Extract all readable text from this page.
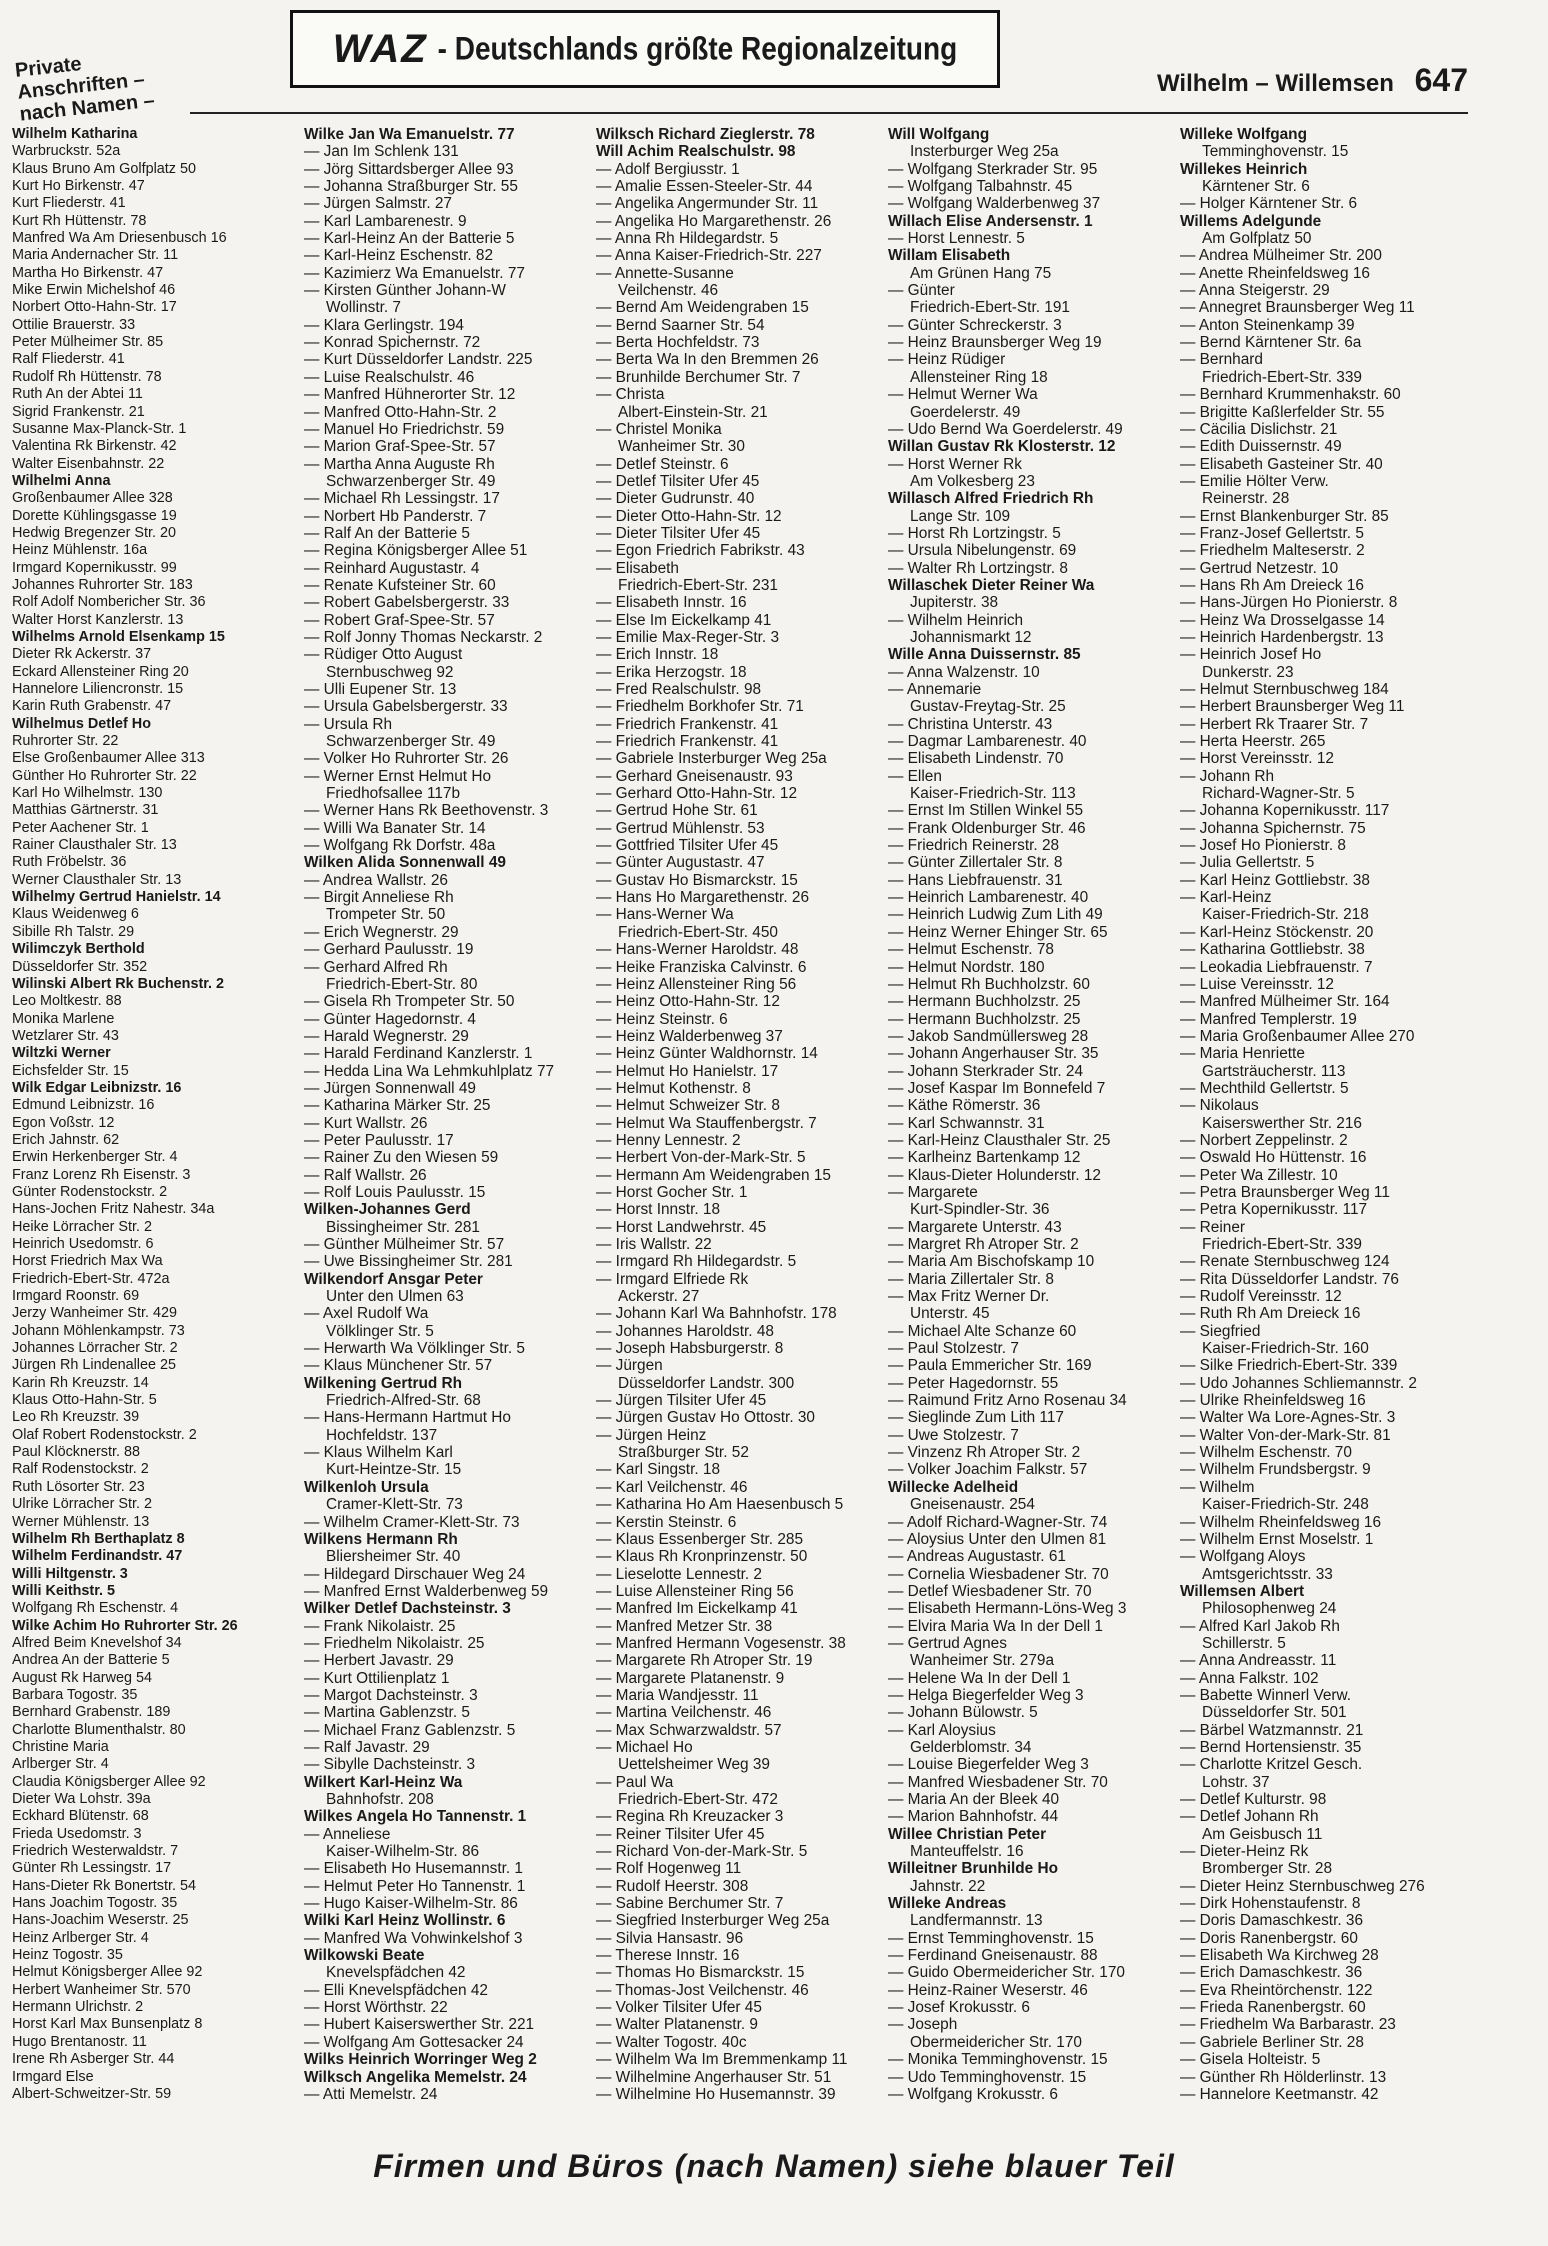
WAZ - Deutschlands größte Regionalzeitung
Private Anschriften – nach Namen –
Wilhelm – Willemsen 647
Wilhelm Katharina
Warbruckstr. 52a
Klaus Bruno Am Golfplatz 50
Kurt Ho Birkenstr. 47
Kurt Fliederstr. 41
Kurt Rh Hüttenstr. 78
Manfred Wa Am Driesenbusch 16
Maria Andernacher Str. 11
Martha Ho Birkenstr. 47
Mike Erwin Michelshof 46
Norbert Otto-Hahn-Str. 17
Ottilie Brauerstr. 33
Peter Mülheimer Str. 85
Ralf Fliederstr. 41
Rudolf Rh Hüttenstr. 78
Ruth An der Abtei 11
Sigrid Frankenstr. 21
Susanne Max-Planck-Str. 1
Valentina Rk Birkenstr. 42
Walter Eisenbahnstr. 22
Wilhelmi Anna
Großenbaumer Allee 328
Dorette Kühlingsgasse 19
Hedwig Bregenzer Str. 20
Heinz Mühlenstr. 16a
Irmgard Kopernikusstr. 99
Johannes Ruhrorter Str. 183
Rolf Adolf Nombericher Str. 36
Walter Horst Kanzlerstr. 13
Wilhelms Arnold Elsenkamp 15
Dieter Rk Ackerstr. 37
Eckard Allensteiner Ring 20
Hannelore Liliencronstr. 15
Karin Ruth Grabenstr. 47
Wilhelmus Detlef Ho
Ruhrorter Str. 22
Else Großenbaumer Allee 313
Günther Ho Ruhrorter Str. 22
Karl Ho Wilhelmstr. 130
Matthias Gärtnerstr. 31
Peter Aachener Str. 1
Rainer Clausthaler Str. 13
Ruth Fröbelstr. 36
Werner Clausthaler Str. 13
Wilhelmy Gertrud Hanielstr. 14
Klaus Weidenweg 6
Sibille Rh Talstr. 29
Wilimczyk Berthold
Düsseldorfer Str. 352
Wilinski Albert Rk Buchenstr. 2
Leo Moltkestr. 88
Monika Marlene
Wetzlarer Str. 43
Wiltzki Werner
Eichsfelder Str. 15
Wilk Edgar Leibnizstr. 16
Edmund Leibnizstr. 16
Egon Voßstr. 12
Erich Jahnstr. 62
Erwin Herkenberger Str. 4
Franz Lorenz Rh Eisenstr. 3
Günter Rodenstockstr. 2
Hans-Jochen Fritz Nahestr. 34a
Heike Lörracher Str. 2
Heinrich Usedomstr. 6
Horst Friedrich Max Wa
Friedrich-Ebert-Str. 472a
Irmgard Roonstr. 69
Jerzy Wanheimer Str. 429
Johann Möhlenkampstr. 73
Johannes Lörracher Str. 2
Jürgen Rh Lindenallee 25
Karin Rh Kreuzstr. 14
Klaus Otto-Hahn-Str. 5
Leo Rh Kreuzstr. 39
Olaf Robert Rodenstockstr. 2
Paul Klöcknerstr. 88
Ralf Rodenstockstr. 2
Ruth Lösorter Str. 23
Ulrike Lörracher Str. 2
Werner Mühlenstr. 13
Wilhelm Rh Berthaplatz 8
Wilhelm Ferdinandstr. 47
Willi Hiltgenstr. 3
Willi Keithstr. 5
Wolfgang Rh Eschenstr. 4
Wilke Achim Ho Ruhrorter Str. 26
Alfred Beim Knevelshof 34
Andrea An der Batterie 5
August Rk Harweg 54
Barbara Togostr. 35
Bernhard Grabenstr. 189
Charlotte Blumenthalstr. 80
Christine Maria
Arlberger Str. 4
Claudia Königsberger Allee 92
Dieter Wa Lohstr. 39a
Eckhard Blütenstr. 68
Frieda Usedomstr. 3
Friedrich Westerwaldstr. 7
Günter Rh Lessingstr. 17
Hans-Dieter Rk Bonertstr. 54
Hans Joachim Togostr. 35
Hans-Joachim Weserstr. 25
Heinz Arlberger Str. 4
Heinz Togostr. 35
Helmut Königsberger Allee 92
Herbert Wanheimer Str. 570
Hermann Ulrichstr. 2
Horst Karl Max Bunsenplatz 8
Hugo Brentanostr. 11
Irene Rh Asberger Str. 44
Irmgard Else
Albert-Schweitzer-Str. 59
Wilke Jan Wa Emanuelstr. 77
— Jan Im Schlenk 131
— Jörg Sittardsberger Allee 93
— Johanna Straßburger Str. 55
— Jürgen Salmstr. 27
— Karl Lambarenestr. 9
— Karl-Heinz An der Batterie 5
— Karl-Heinz Eschenstr. 82
— Kazimierz Wa Emanuelstr. 77
— Kirsten Günther Johann-W
Wollinstr. 7
— Klara Gerlingstr. 194
— Konrad Spichernstr. 72
— Kurt Düsseldorfer Landstr. 225
— Luise Realschulstr. 46
— Manfred Hühnerorter Str. 12
— Manfred Otto-Hahn-Str. 2
— Manuel Ho Friedrichstr. 59
— Marion Graf-Spee-Str. 57
— Martha Anna Auguste Rh
Schwarzenberger Str. 49
— Michael Rh Lessingstr. 17
— Norbert Hb Panderstr. 7
— Ralf An der Batterie 5
— Regina Königsberger Allee 51
— Reinhard Augustastr. 4
— Renate Kufsteiner Str. 60
— Robert Gabelsbergerstr. 33
— Robert Graf-Spee-Str. 57
— Rolf Jonny Thomas Neckarstr. 2
— Rüdiger Otto August
Sternbuschweg 92
— Ulli Eupener Str. 13
— Ursula Gabelsbergerstr. 33
— Ursula Rh
Schwarzenberger Str. 49
— Volker Ho Ruhrorter Str. 26
— Werner Ernst Helmut Ho
Friedhofsallee 117b
— Werner Hans Rk Beethovenstr. 3
— Willi Wa Banater Str. 14
— Wolfgang Rk Dorfstr. 48a
Wilken Alida Sonnenwall 49
— Andrea Wallstr. 26
— Birgit Anneliese Rh
Trompeter Str. 50
— Erich Wegnerstr. 29
— Gerhard Paulusstr. 19
— Gerhard Alfred Rh
Friedrich-Ebert-Str. 80
— Gisela Rh Trompeter Str. 50
— Günter Hagedornstr. 4
— Harald Wegnerstr. 29
— Harald Ferdinand Kanzlerstr. 1
— Hedda Lina Wa Lehmkuhlplatz 77
— Jürgen Sonnenwall 49
— Katharina Märker Str. 25
— Kurt Wallstr. 26
— Peter Paulusstr. 17
— Rainer Zu den Wiesen 59
— Ralf Wallstr. 26
— Rolf Louis Paulusstr. 15
Wilken-Johannes Gerd
Bissingheimer Str. 281
— Günther Mülheimer Str. 57
— Uwe Bissingheimer Str. 281
Wilkendorf Ansgar Peter
Unter den Ulmen 63
— Axel Rudolf Wa
Völklinger Str. 5
— Herwarth Wa Völklinger Str. 5
— Klaus Münchener Str. 57
Wilkening Gertrud Rh
Friedrich-Alfred-Str. 68
— Hans-Hermann Hartmut Ho
Hochfeldstr. 137
— Klaus Wilhelm Karl
Kurt-Heintze-Str. 15
Wilkenloh Ursula
Cramer-Klett-Str. 73
— Wilhelm Cramer-Klett-Str. 73
Wilkens Hermann Rh
Bliersheimer Str. 40
— Hildegard Dirschauer Weg 24
— Manfred Ernst Walderbenweg 59
Wilker Detlef Dachsteinstr. 3
— Frank Nikolaistr. 25
— Friedhelm Nikolaistr. 25
— Herbert Javastr. 29
— Kurt Ottilienplatz 1
— Margot Dachsteinstr. 3
— Martina Gablenzstr. 5
— Michael Franz Gablenzstr. 5
— Ralf Javastr. 29
— Sibylle Dachsteinstr. 3
Wilkert Karl-Heinz Wa
Bahnhofstr. 208
Wilkes Angela Ho Tannenstr. 1
— Anneliese
Kaiser-Wilhelm-Str. 86
— Elisabeth Ho Husemannstr. 1
— Helmut Peter Ho Tannenstr. 1
— Hugo Kaiser-Wilhelm-Str. 86
Wilki Karl Heinz Wollinstr. 6
— Manfred Wa Vohwinkelshof 3
Wilkowski Beate
Knevelspfädchen 42
— Elli Knevelspfädchen 42
— Horst Wörthstr. 22
— Hubert Kaiserswerther Str. 221
— Wolfgang Am Gottesacker 24
Wilks Heinrich Worringer Weg 2
Wilksch Angelika Memelstr. 24
— Atti Memelstr. 24
Wilksch Richard Zieglerstr. 78
Will Achim Realschulstr. 98
— Adolf Bergiusstr. 1
— Amalie Essen-Steeler-Str. 44
— Angelika Angermunder Str. 11
— Angelika Ho Margarethenstr. 26
— Anna Rh Hildegardstr. 5
— Anna Kaiser-Friedrich-Str. 227
— Annette-Susanne
Veilchenstr. 46
— Bernd Am Weidengraben 15
— Bernd Saarner Str. 54
— Berta Hochfeldstr. 73
— Berta Wa In den Bremmen 26
— Brunhilde Berchumer Str. 7
— Christa
Albert-Einstein-Str. 21
— Christel Monika
Wanheimer Str. 30
— Detlef Steinstr. 6
— Detlef Tilsiter Ufer 45
— Dieter Gudrunstr. 40
— Dieter Otto-Hahn-Str. 12
— Dieter Tilsiter Ufer 45
— Egon Friedrich Fabrikstr. 43
— Elisabeth
Friedrich-Ebert-Str. 231
— Elisabeth Innstr. 16
— Else Im Eickelkamp 41
— Emilie Max-Reger-Str. 3
— Erich Innstr. 18
— Erika Herzogstr. 18
— Fred Realschulstr. 98
— Friedhelm Borkhofer Str. 71
— Friedrich Frankenstr. 41
— Friedrich Frankenstr. 41
— Gabriele Insterburger Weg 25a
— Gerhard Gneisenaustr. 93
— Gerhard Otto-Hahn-Str. 12
— Gertrud Hohe Str. 61
— Gertrud Mühlenstr. 53
— Gottfried Tilsiter Ufer 45
— Günter Augustastr. 47
— Gustav Ho Bismarckstr. 15
— Hans Ho Margarethenstr. 26
— Hans-Werner Wa
Friedrich-Ebert-Str. 450
— Hans-Werner Haroldstr. 48
— Heike Franziska Calvinstr. 6
— Heinz Allensteiner Ring 56
— Heinz Otto-Hahn-Str. 12
— Heinz Steinstr. 6
— Heinz Walderbenweg 37
— Heinz Günter Waldhornstr. 14
— Helmut Ho Hanielstr. 17
— Helmut Kothenstr. 8
— Helmut Schweizer Str. 8
— Helmut Wa Stauffenbergstr. 7
— Henny Lennestr. 2
— Herbert Von-der-Mark-Str. 5
— Hermann Am Weidengraben 15
— Horst Gocher Str. 1
— Horst Innstr. 18
— Horst Landwehrstr. 45
— Iris Wallstr. 22
— Irmgard Rh Hildegardstr. 5
— Irmgard Elfriede Rk
Ackerstr. 27
— Johann Karl Wa Bahnhofstr. 178
— Johannes Haroldstr. 48
— Joseph Habsburgerstr. 8
— Jürgen
Düsseldorfer Landstr. 300
— Jürgen Tilsiter Ufer 45
— Jürgen Gustav Ho Ottostr. 30
— Jürgen Heinz
Straßburger Str. 52
— Karl Singstr. 18
— Karl Veilchenstr. 46
— Katharina Ho Am Haesenbusch 5
— Kerstin Steinstr. 6
— Klaus Essenberger Str. 285
— Klaus Rh Kronprinzenstr. 50
— Lieselotte Lennestr. 2
— Luise Allensteiner Ring 56
— Manfred Im Eickelkamp 41
— Manfred Metzer Str. 38
— Manfred Hermann Vogesenstr. 38
— Margarete Rh Atroper Str. 19
— Margarete Platanenstr. 9
— Maria Wandjesstr. 11
— Martina Veilchenstr. 46
— Max Schwarzwaldstr. 57
— Michael Ho
Uettelsheimer Weg 39
— Paul Wa
Friedrich-Ebert-Str. 472
— Regina Rh Kreuzacker 3
— Reiner Tilsiter Ufer 45
— Richard Von-der-Mark-Str. 5
— Rolf Hogenweg 11
— Rudolf Heerstr. 308
— Sabine Berchumer Str. 7
— Siegfried Insterburger Weg 25a
— Silvia Hansastr. 96
— Therese Innstr. 16
— Thomas Ho Bismarckstr. 15
— Thomas-Jost Veilchenstr. 46
— Volker Tilsiter Ufer 45
— Walter Platanenstr. 9
— Walter Togostr. 40c
— Wilhelm Wa Im Bremmenkamp 11
— Wilhelmine Angerhauser Str. 51
— Wilhelmine Ho Husemannstr. 39
Will Wolfgang
Insterburger Weg 25a
— Wolfgang Sterkrader Str. 95
— Wolfgang Talbahnstr. 45
— Wolfgang Walderbenweg 37
Willach Elise Andersenstr. 1
— Horst Lennestr. 5
Willam Elisabeth
Am Grünen Hang 75
— Günter
Friedrich-Ebert-Str. 191
— Günter Schreckerstr. 3
— Heinz Braunsberger Weg 19
— Heinz Rüdiger
Allensteiner Ring 18
— Helmut Werner Wa
Goerdelerstr. 49
— Udo Bernd Wa Goerdelerstr. 49
Willan Gustav Rk Klosterstr. 12
— Horst Werner Rk
Am Volkesberg 23
Willasch Alfred Friedrich Rh
Lange Str. 109
— Horst Rh Lortzingstr. 5
— Ursula Nibelungenstr. 69
— Walter Rh Lortzingstr. 8
Willaschek Dieter Reiner Wa
Jupiterstr. 38
— Wilhelm Heinrich
Johannismarkt 12
Wille Anna Duissernstr. 85
— Anna Walzenstr. 10
— Annemarie
Gustav-Freytag-Str. 25
— Christina Unterstr. 43
— Dagmar Lambarenestr. 40
— Elisabeth Lindenstr. 70
— Ellen
Kaiser-Friedrich-Str. 113
— Ernst Im Stillen Winkel 55
— Frank Oldenburger Str. 46
— Friedrich Reinerstr. 28
— Günter Zillertaler Str. 8
— Hans Liebfrauenstr. 31
— Heinrich Lambarenestr. 40
— Heinrich Ludwig Zum Lith 49
— Heinz Werner Ehinger Str. 65
— Helmut Eschenstr. 78
— Helmut Nordstr. 180
— Helmut Rh Buchholzstr. 60
— Hermann Buchholzstr. 25
— Hermann Buchholzstr. 25
— Jakob Sandmüllersweg 28
— Johann Angerhauser Str. 35
— Johann Sterkrader Str. 24
— Josef Kaspar Im Bonnefeld 7
— Käthe Römerstr. 36
— Karl Schwannstr. 31
— Karl-Heinz Clausthaler Str. 25
— Karlheinz Bartenkamp 12
— Klaus-Dieter Holunderstr. 12
— Margarete
Kurt-Spindler-Str. 36
— Margarete Unterstr. 43
— Margret Rh Atroper Str. 2
— Maria Am Bischofskamp 10
— Maria Zillertaler Str. 8
— Max Fritz Werner Dr.
Unterstr. 45
— Michael Alte Schanze 60
— Paul Stolzestr. 7
— Paula Emmericher Str. 169
— Peter Hagedornstr. 55
— Raimund Fritz Arno Rosenau 34
— Sieglinde Zum Lith 117
— Uwe Stolzestr. 7
— Vinzenz Rh Atroper Str. 2
— Volker Joachim Falkstr. 57
Willecke Adelheid
Gneisenaustr. 254
— Adolf Richard-Wagner-Str. 74
— Aloysius Unter den Ulmen 81
— Andreas Augustastr. 61
— Cornelia Wiesbadener Str. 70
— Detlef Wiesbadener Str. 70
— Elisabeth Hermann-Löns-Weg 3
— Elvira Maria Wa In der Dell 1
— Gertrud Agnes
Wanheimer Str. 279a
— Helene Wa In der Dell 1
— Helga Biegerfelder Weg 3
— Johann Bülowstr. 5
— Karl Aloysius
Gelderblomstr. 34
— Louise Biegerfelder Weg 3
— Manfred Wiesbadener Str. 70
— Maria An der Bleek 40
— Marion Bahnhofstr. 44
Willee Christian Peter
Manteuffelstr. 16
Willeitner Brunhilde Ho
Jahnstr. 22
Willeke Andreas
Landfermannstr. 13
— Ernst Temminghovenstr. 15
— Ferdinand Gneisenaustr. 88
— Guido Obermeidericher Str. 170
— Heinz-Rainer Weserstr. 46
— Josef Krokusstr. 6
— Joseph
Obermeidericher Str. 170
— Monika Temminghovenstr. 15
— Udo Temminghovenstr. 15
— Wolfgang Krokusstr. 6
Willeke Wolfgang
Temminghovenstr. 15
Willekes Heinrich
Kärntener Str. 6
— Holger Kärntener Str. 6
Willems Adelgunde
Am Golfplatz 50
— Andrea Mülheimer Str. 200
— Anette Rheinfeldsweg 16
— Anna Steigerstr. 29
— Annegret Braunsberger Weg 11
— Anton Steinenkamp 39
— Bernd Kärntener Str. 6a
— Bernhard
Friedrich-Ebert-Str. 339
— Bernhard Krummenhakstr. 60
— Brigitte Kaßlerfelder Str. 55
— Cäcilia Dislichstr. 21
— Edith Duissernstr. 49
— Elisabeth Gasteiner Str. 40
— Emilie Hölter Verw.
Reinerstr. 28
— Ernst Blankenburger Str. 85
— Franz-Josef Gellertstr. 5
— Friedhelm Malteserstr. 2
— Gertrud Netzestr. 10
— Hans Rh Am Dreieck 16
— Hans-Jürgen Ho Pionierstr. 8
— Heinz Wa Drosselgasse 14
— Heinrich Hardenbergstr. 13
— Heinrich Josef Ho
Dunkerstr. 23
— Helmut Sternbuschweg 184
— Herbert Braunsberger Weg 11
— Herbert Rk Traarer Str. 7
— Herta Heerstr. 265
— Horst Vereinsstr. 12
— Johann Rh
Richard-Wagner-Str. 5
— Johanna Kopernikusstr. 117
— Johanna Spichernstr. 75
— Josef Ho Pionierstr. 8
— Julia Gellertstr. 5
— Karl Heinz Gottliebstr. 38
— Karl-Heinz
Kaiser-Friedrich-Str. 218
— Karl-Heinz Stöckenstr. 20
— Katharina Gottliebstr. 38
— Leokadia Liebfrauenstr. 7
— Luise Vereinsstr. 12
— Manfred Mülheimer Str. 164
— Manfred Templerstr. 19
— Maria Großenbaumer Allee 270
— Maria Henriette
Gartsträucherstr. 113
— Mechthild Gellertstr. 5
— Nikolaus
Kaiserswerther Str. 216
— Norbert Zeppelinstr. 2
— Oswald Ho Hüttenstr. 16
— Peter Wa Zillestr. 10
— Petra Braunsberger Weg 11
— Petra Kopernikusstr. 117
— Reiner
Friedrich-Ebert-Str. 339
— Renate Sternbuschweg 124
— Rita Düsseldorfer Landstr. 76
— Rudolf Vereinsstr. 12
— Ruth Rh Am Dreieck 16
— Siegfried
Kaiser-Friedrich-Str. 160
— Silke Friedrich-Ebert-Str. 339
— Udo Johannes Schliemannstr. 2
— Ulrike Rheinfeldsweg 16
— Walter Wa Lore-Agnes-Str. 3
— Walter Von-der-Mark-Str. 81
— Wilhelm Eschenstr. 70
— Wilhelm Frundsbergstr. 9
— Wilhelm
Kaiser-Friedrich-Str. 248
— Wilhelm Rheinfeldsweg 16
— Wilhelm Ernst Moselstr. 1
— Wolfgang Aloys
Amtsgerichtsstr. 33
Willemsen Albert
Philosophenweg 24
— Alfred Karl Jakob Rh
Schillerstr. 5
— Anna Andreasstr. 11
— Anna Falkstr. 102
— Babette Winnerl Verw.
Düsseldorfer Str. 501
— Bärbel Watzmannstr. 21
— Bernd Hortensienstr. 35
— Charlotte Kritzel Gesch.
Lohstr. 37
— Detlef Kulturstr. 98
— Detlef Johann Rh
Am Geisbusch 11
— Dieter-Heinz Rk
Bromberger Str. 28
— Dieter Heinz Sternbuschweg 276
— Dirk Hohenstaufenstr. 8
— Doris Damaschkestr. 36
— Doris Ranenbergstr. 60
— Elisabeth Wa Kirchweg 28
— Erich Damaschkestr. 36
— Eva Rheintörchenstr. 122
— Frieda Ranenbergstr. 60
— Friedhelm Wa Barbarastr. 23
— Gabriele Berliner Str. 28
— Gisela Holteistr. 5
— Günther Rh Hölderlinstr. 13
— Hannelore Keetmanstr. 42
Firmen und Büros (nach Namen) siehe blauer Teil
